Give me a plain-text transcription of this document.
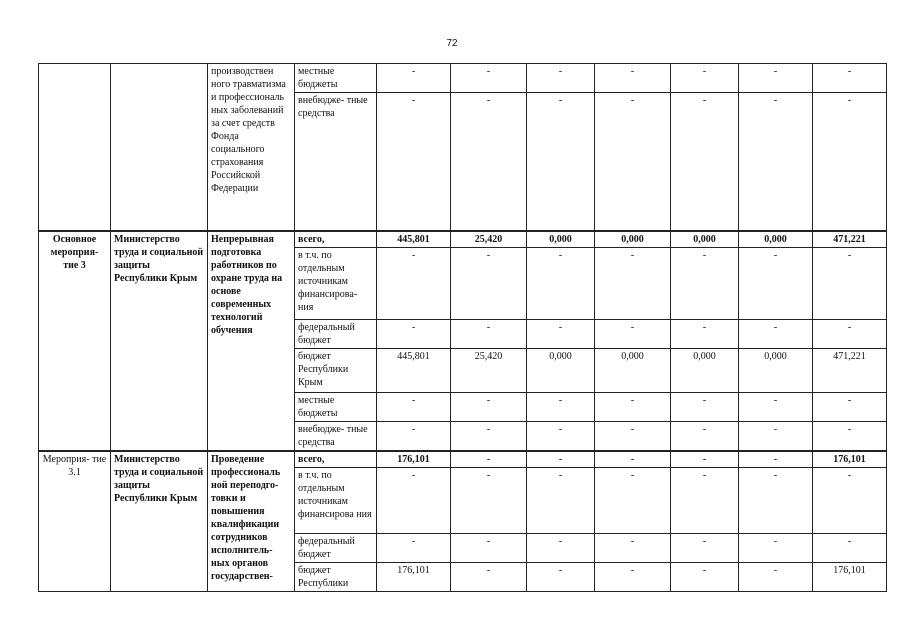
72
		производствен ного травматизма и профессиональ ных заболеваний за счет средств Фонда социального страхования Российской Федерации	местные бюджеты	-	-	-	-	-	-	-
			внебюдже- тные средства	-	-	-	-	-	-	-
Основное мероприя- тие 3	Министерство труда и социальной защиты Республики Крым	Непрерывная подготовка работников по охране труда на основе современных технологий обучения	всего,	445,801	25,420	0,000	0,000	0,000	0,000	471,221
			в т.ч. по отдельным источникам финансирова- ния	-	-	-	-	-	-	-
			федеральный бюджет	-	-	-	-	-	-	-
			бюджет Республики Крым	445,801	25,420	0,000	0,000	0,000	0,000	471,221
			местные бюджеты	-	-	-	-	-	-	-
			внебюдже- тные средства	-	-	-	-	-	-	-
Мероприя- тие 3.1	Министерство труда и социальной защиты Республики Крым	Проведение профессиональ ной переподго- товки и повышения квалификации сотрудников исполнитель- ных органов государствен-	всего,	176,101	-	-	-	-	-	176,101
			в т.ч. по отдельным источникам финансирова ния	-	-	-	-	-	-	-
			федеральный бюджет	-	-	-	-	-	-	-
			бюджет Республики	176,101	-	-	-	-	-	176,101
